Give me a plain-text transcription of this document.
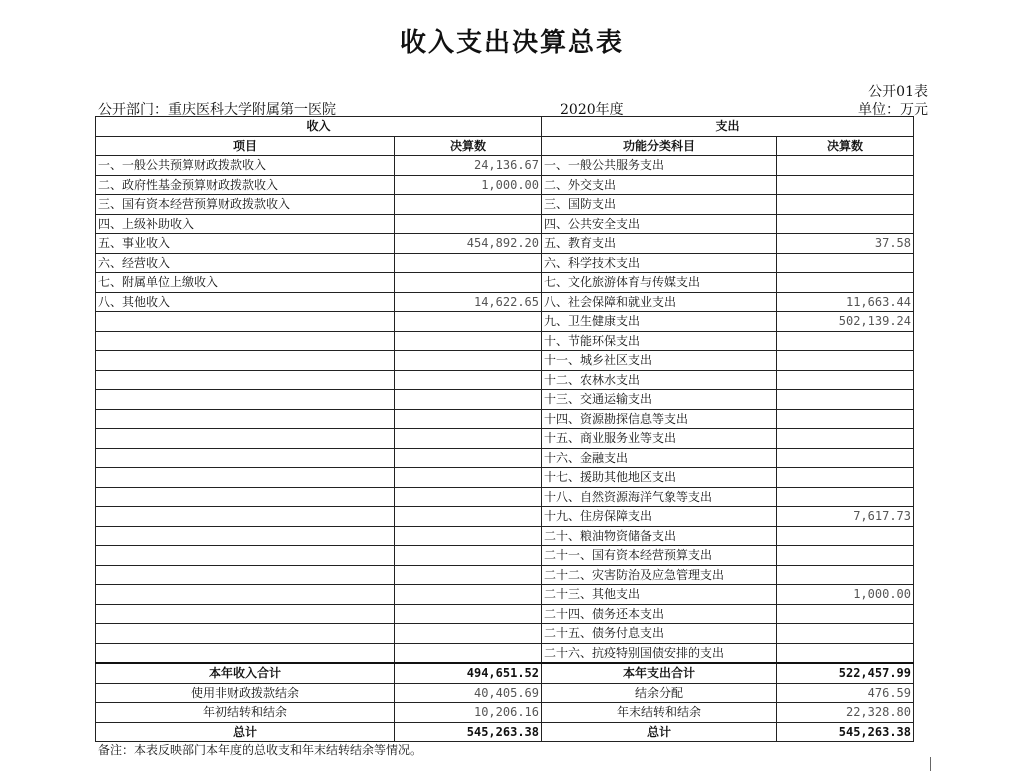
收入支出决算总表
公开01表
公开部门：重庆医科大学附属第一医院	2020年度	单位：万元
收入		支出	
项目	决算数	功能分类科目	决算数
一、一般公共预算财政拨款收入	24,136.67	一、一般公共服务支出	
二、政府性基金预算财政拨款收入	1,000.00	二、外交支出	
三、国有资本经营预算财政拨款收入		三、国防支出	
四、上级补助收入		四、公共安全支出	
五、事业收入	454,892.20	五、教育支出	37.58
六、经营收入		六、科学技术支出	
七、附属单位上缴收入		七、文化旅游体育与传媒支出	
八、其他收入	14,622.65	八、社会保障和就业支出	11,663.44
		九、卫生健康支出	502,139.24
		十、节能环保支出	
		十一、城乡社区支出	
		十二、农林水支出	
		十三、交通运输支出	
		十四、资源勘探信息等支出	
		十五、商业服务业等支出	
		十六、金融支出	
		十七、援助其他地区支出	
		十八、自然资源海洋气象等支出	
		十九、住房保障支出	7,617.73
		二十、粮油物资储备支出	
		二十一、国有资本经营预算支出	
		二十二、灾害防治及应急管理支出	
		二十三、其他支出	1,000.00
		二十四、债务还本支出	
		二十五、债务付息支出	
		二十六、抗疫特别国债安排的支出	
本年收入合计	494,651.52	本年支出合计	522,457.99
使用非财政拨款结余	40,405.69	结余分配	476.59
年初结转和结余	10,206.16	年末结转和结余	22,328.80
总计	545,263.38	总计	545,263.38
备注：本表反映部门本年度的总收支和年末结转结余等情况。
